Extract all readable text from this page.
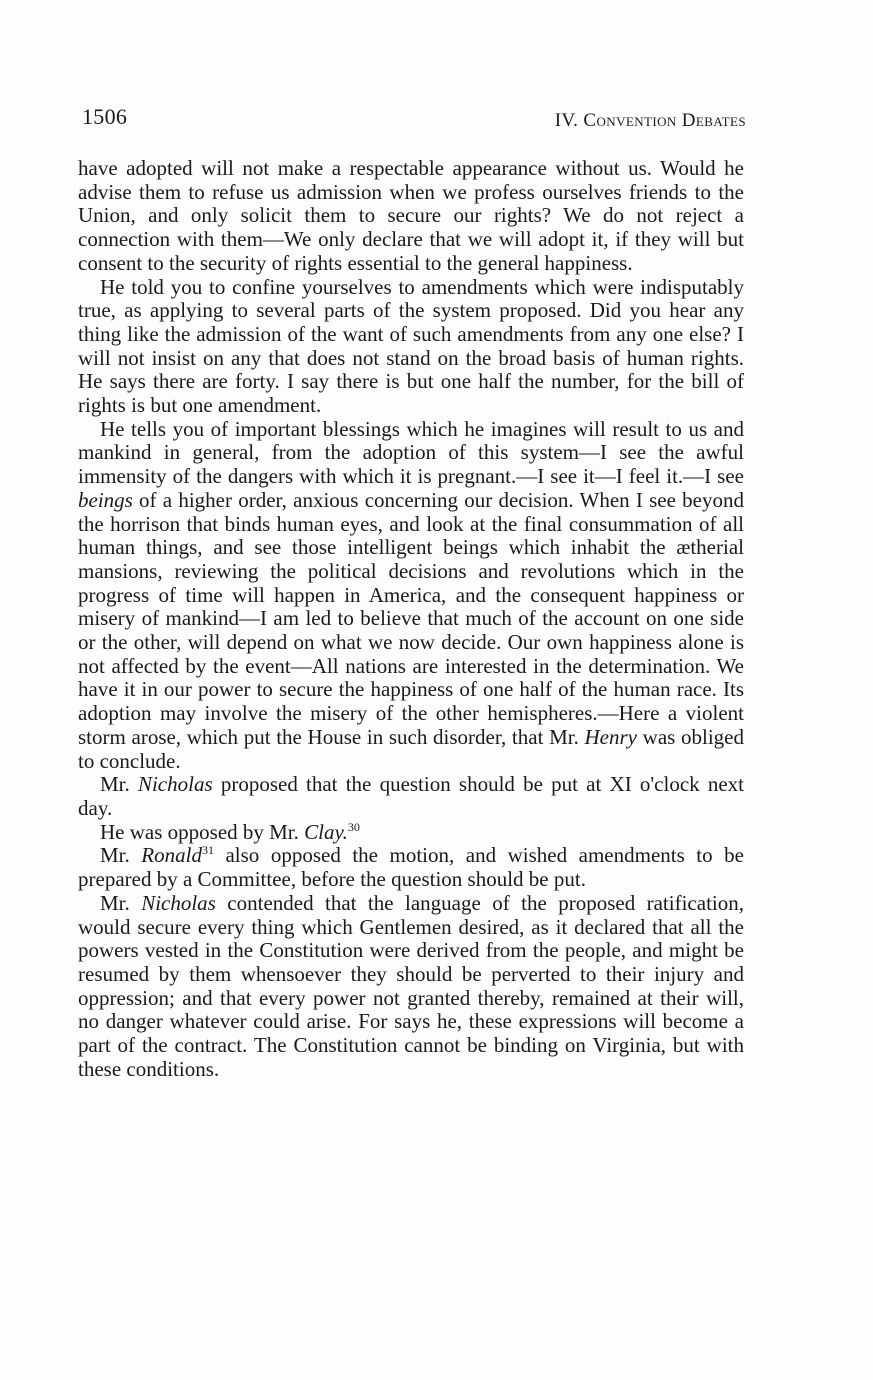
1506	IV. Convention Debates

have adopted will not make a respectable appearance without us. Would he advise them to refuse us admission when we profess ourselves friends to the Union, and only solicit them to secure our rights? We do not reject a connection with them—We only declare that we will adopt it, if they will but consent to the security of rights essential to the general happiness.

He told you to confine yourselves to amendments which were indisputably true, as applying to several parts of the system proposed. Did you hear any thing like the admission of the want of such amendments from any one else? I will not insist on any that does not stand on the broad basis of human rights. He says there are forty. I say there is but one half the number, for the bill of rights is but one amendment.

He tells you of important blessings which he imagines will result to us and mankind in general, from the adoption of this system—I see the awful immensity of the dangers with which it is pregnant.—I see it—I feel it.—I see beings of a higher order, anxious concerning our decision. When I see beyond the horrison that binds human eyes, and look at the final consummation of all human things, and see those intelligent beings which inhabit the ætherial mansions, reviewing the political decisions and revolutions which in the progress of time will happen in America, and the consequent happiness or misery of mankind—I am led to believe that much of the account on one side or the other, will depend on what we now decide. Our own happiness alone is not affected by the event—All nations are interested in the determination. We have it in our power to secure the happiness of one half of the human race. Its adoption may involve the misery of the other hemispheres.—Here a violent storm arose, which put the House in such disorder, that Mr. Henry was obliged to conclude.

Mr. Nicholas proposed that the question should be put at XI o'clock next day.

He was opposed by Mr. Clay.$^{30}$

Mr. Ronald$^{31}$ also opposed the motion, and wished amendments to be prepared by a Committee, before the question should be put.

Mr. Nicholas contended that the language of the proposed ratification, would secure every thing which Gentlemen desired, as it declared that all the powers vested in the Constitution were derived from the people, and might be resumed by them whensoever they should be perverted to their injury and oppression; and that every power not granted thereby, remained at their will, no danger whatever could arise. For says he, these expressions will become a part of the contract. The Constitution cannot be binding on Virginia, but with these conditions.
